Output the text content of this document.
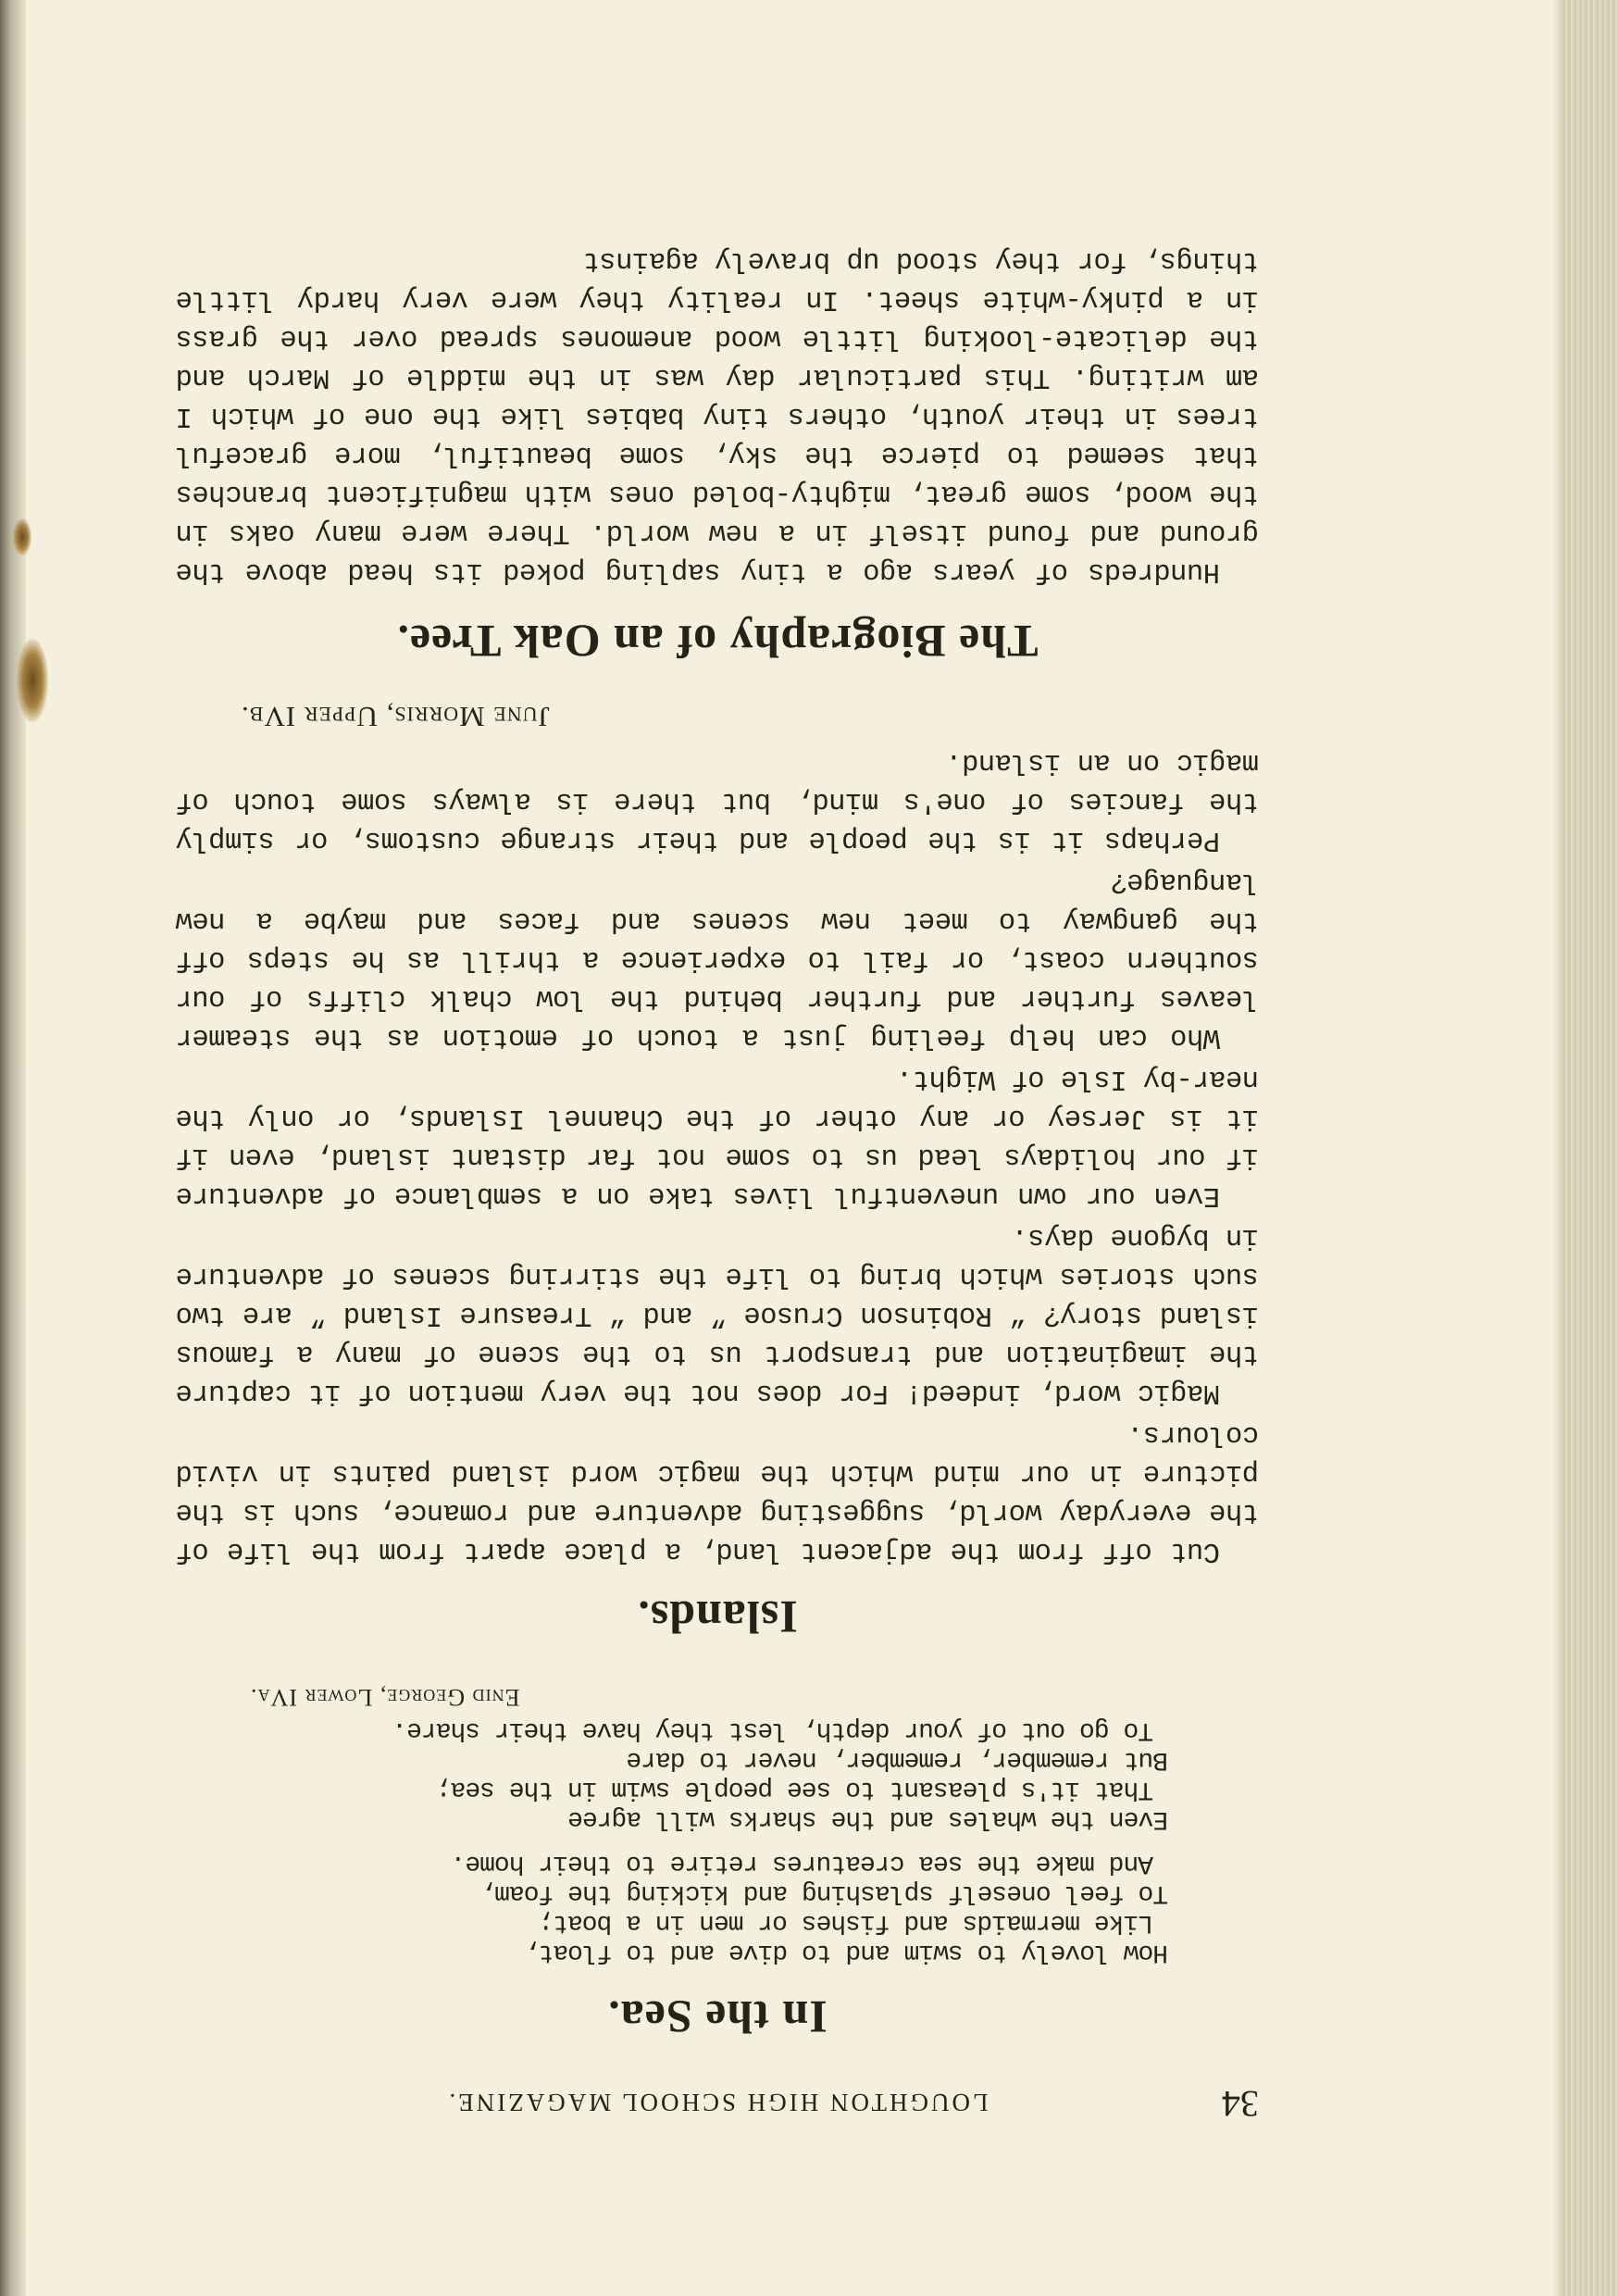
34
LOUGHTON HIGH SCHOOL MAGAZINE.
In the Sea.
How lovely to swim and to dive and to float,
Like mermaids and fishes or men in a boat;
To feel oneself splashing and kicking the foam,
And make the sea creatures retire to their home.
Even the whales and the sharks will agree
That it's pleasant to see people swim in the sea;
But remember, remember, never to dare
To go out of your depth, lest they have their share.
Enid George, Lower IVa.
Islands.

Cut off from the adjacent land, a place apart from the life of the everyday world, suggesting adventure and romance, such is the picture in our mind which the magic word island paints in vivid colours.

Magic word, indeed! For does not the very mention of it capture the imagination and transport us to the scene of many a famous island story? “ Robinson Crusoe ” and “ Treasure Island ” are two such stories which bring to life the stirring scenes of adventure in bygone days.

Even our own uneventful lives take on a semblance of adventure if our holidays lead us to some not far distant island, even if it is Jersey or any other of the Channel Islands, or only the near-by Isle of Wight.

Who can help feeling just a touch of emotion as the steamer leaves further and further behind the low chalk cliffs of our southern coast, or fail to experience a thrill as he steps off the gangway to meet new scenes and faces and maybe a new language?

Perhaps it is the people and their strange customs, or simply the fancies of one's mind, but there is always some touch of magic on an island.

June Morris, Upper IVb.
The Biography of an Oak Tree.

Hundreds of years ago a tiny sapling poked its head above the ground and found itself in a new world. There were many oaks in the wood, some great, mighty-boled ones with magnificent branches that seemed to pierce the sky, some beautiful, more graceful trees in their youth, others tiny babies like the one of which I am writing. This particular day was in the middle of March and the delicate-looking little wood anemones spread over the grass in a pinky-white sheet. In reality they were very hardy little things, for they stood up bravely against
